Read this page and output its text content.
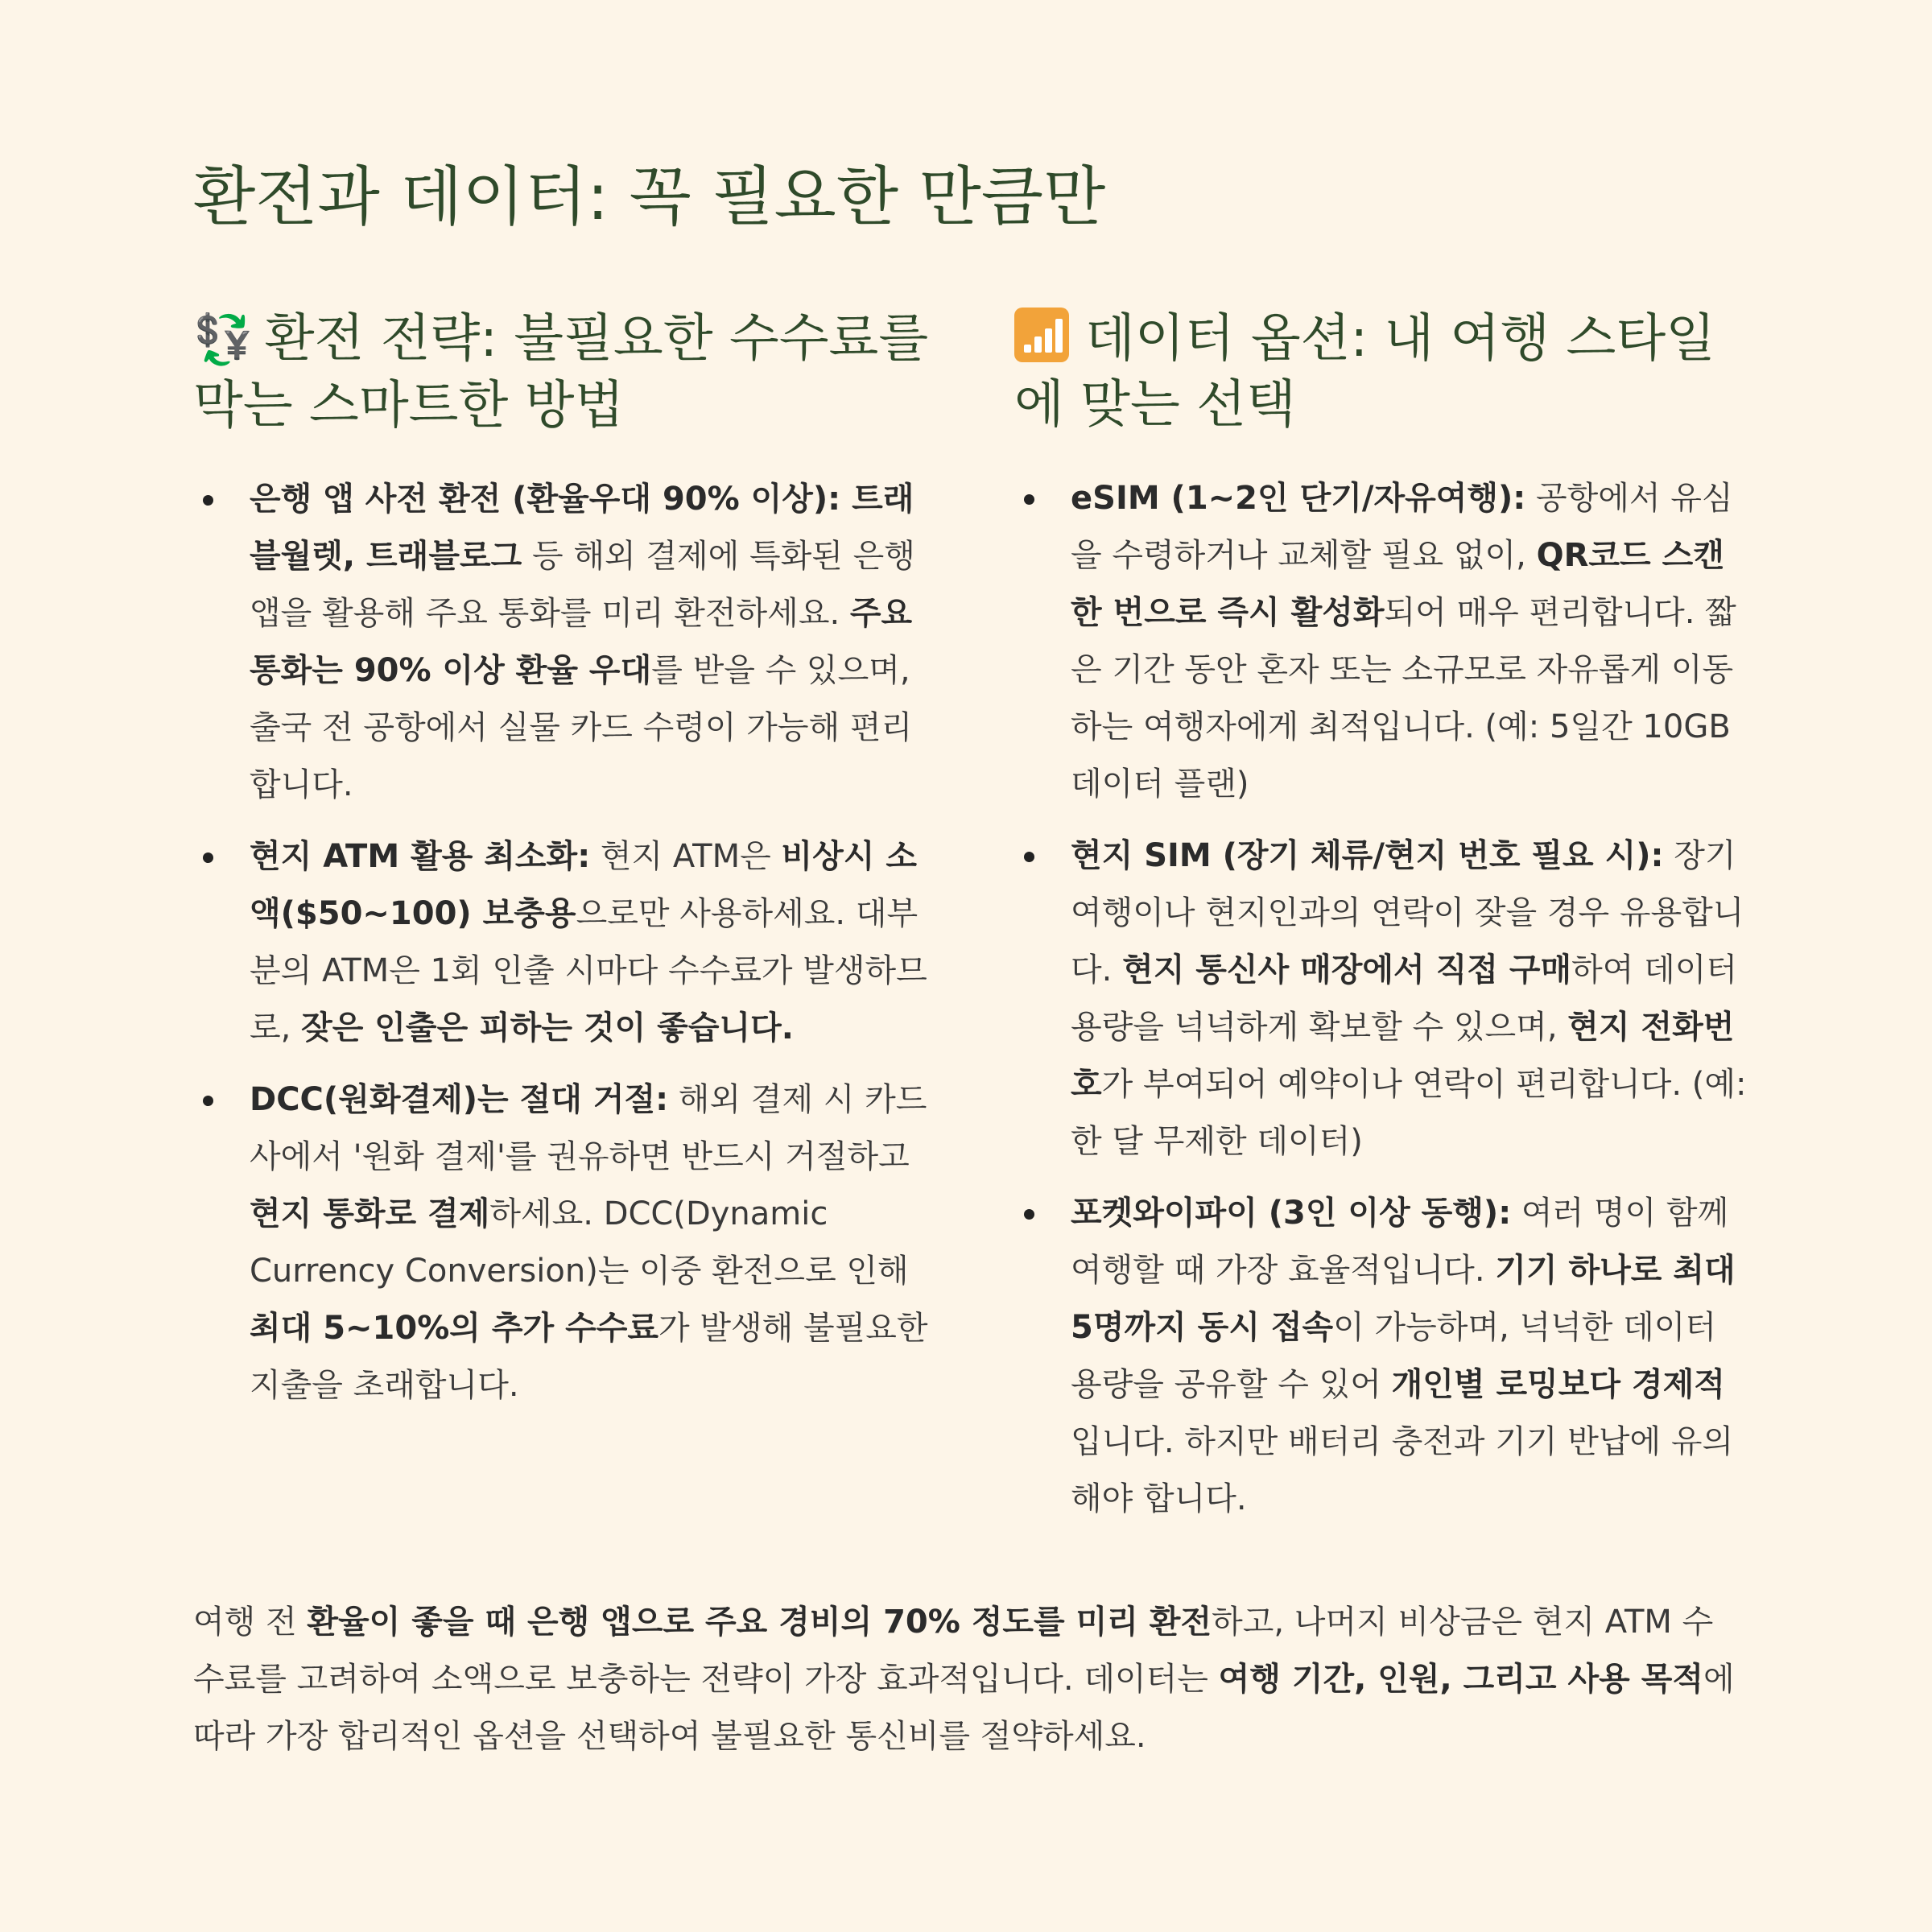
환전과 데이터: 꼭 필요한 만큼만
💱 환전 전략: 불필요한 수수료를 막는 스마트한 방법
은행 앱 사전 환전 (환율우대 90% 이상): 트래블월렛, 트래블로그 등 해외 결제에 특화된 은행 앱을 활용해 주요 통화를 미리 환전하세요. 주요 통화는 90% 이상 환율 우대를 받을 수 있으며, 출국 전 공항에서 실물 카드 수령이 가능해 편리합니다.
현지 ATM 활용 최소화: 현지 ATM은 비상시 소액($50~100) 보충용으로만 사용하세요. 대부분의 ATM은 1회 인출 시마다 수수료가 발생하므로, 잦은 인출은 피하는 것이 좋습니다.
DCC(원화결제)는 절대 거절: 해외 결제 시 카드사에서 '원화 결제'를 권유하면 반드시 거절하고 현지 통화로 결제하세요. DCC(Dynamic Currency Conversion)는 이중 환전으로 인해 최대 5~10%의 추가 수수료가 발생해 불필요한 지출을 초래합니다.
데이터 옵션: 내 여행 스타일에 맞는 선택
eSIM (1~2인 단기/자유여행): 공항에서 유심을 수령하거나 교체할 필요 없이, QR코드 스캔 한 번으로 즉시 활성화되어 매우 편리합니다. 짧은 기간 동안 혼자 또는 소규모로 자유롭게 이동하는 여행자에게 최적입니다. (예: 5일간 10GB 데이터 플랜)
현지 SIM (장기 체류/현지 번호 필요 시): 장기 여행이나 현지인과의 연락이 잦을 경우 유용합니다. 현지 통신사 매장에서 직접 구매하여 데이터 용량을 넉넉하게 확보할 수 있으며, 현지 전화번호가 부여되어 예약이나 연락이 편리합니다. (예: 한 달 무제한 데이터)
포켓와이파이 (3인 이상 동행): 여러 명이 함께 여행할 때 가장 효율적입니다. 기기 하나로 최대 5명까지 동시 접속이 가능하며, 넉넉한 데이터 용량을 공유할 수 있어 개인별 로밍보다 경제적입니다. 하지만 배터리 충전과 기기 반납에 유의해야 합니다.

여행 전 환율이 좋을 때 은행 앱으로 주요 경비의 70% 정도를 미리 환전하고, 나머지 비상금은 현지 ATM 수수료를 고려하여 소액으로 보충하는 전략이 가장 효과적입니다. 데이터는 여행 기간, 인원, 그리고 사용 목적에 따라 가장 합리적인 옵션을 선택하여 불필요한 통신비를 절약하세요.
